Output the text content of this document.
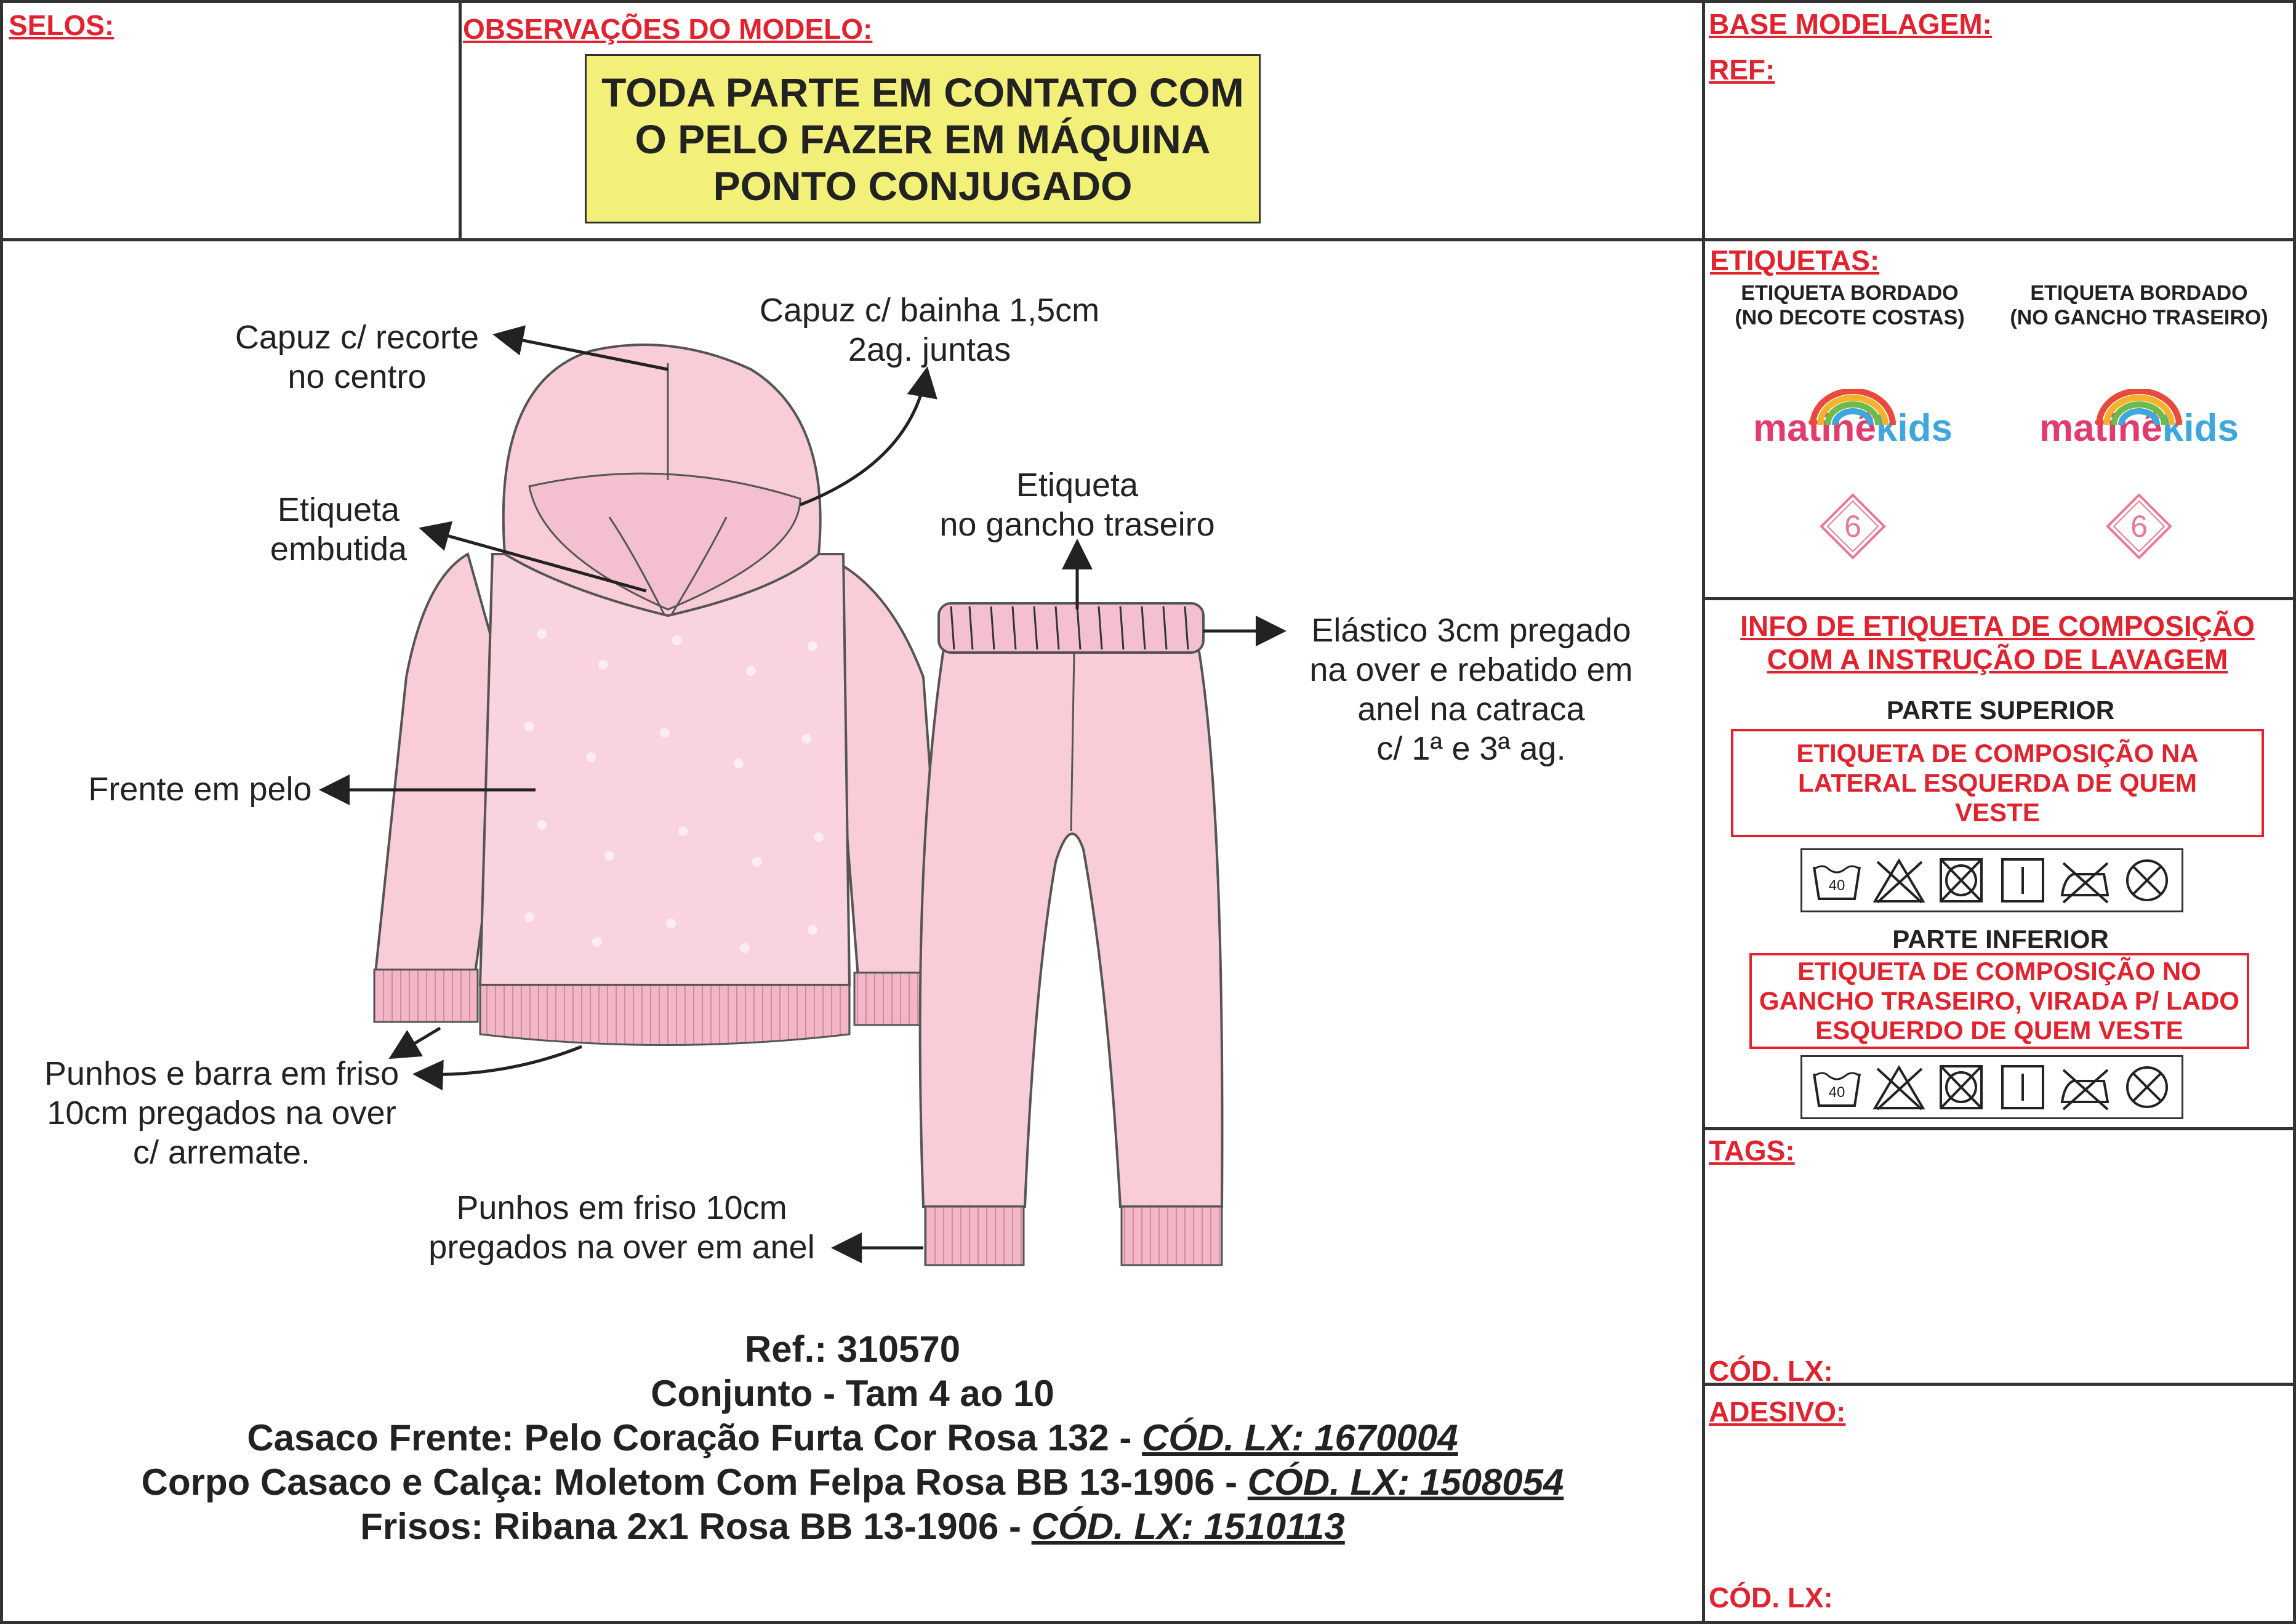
SELOS:	OBSERVAÇÕES DO MODELO:	BASE MODELAGEM:
REF:
ETIQUETAS:
INFO DE ETIQUETA DE COMPOSIÇÃO
COM A INSTRUÇÃO DE LAVAGEM
TAGS:
CÓD. LX:
ADESIVO:
CÓD. LX:
TODA PARTE EM CONTATO COM
O PELO FAZER EM MÁQUINA
PONTO CONJUGADO
ETIQUETA BORDADO
(NO DECOTE COSTAS)
ETIQUETA BORDADO
(NO GANCHO TRASEIRO)
matinêkids matinêkids
6	6
PARTE SUPERIOR
ETIQUETA DE COMPOSIÇÃO NA
LATERAL ESQUERDA DE QUEM
VESTE
40
PARTE INFERIOR
ETIQUETA DE COMPOSIÇÃO NO
GANCHO TRASEIRO, VIRADA P/ LADO
ESQUERDO DE QUEM VESTE
40
Capuz c/ recorte
no centro
Capuz c/ bainha 1,5cm
2ag. juntas
Etiqueta
embutida
Etiqueta
no gancho traseiro
Elástico 3cm pregado
na over e rebatido em
anel na catraca
c/ 1ª e 3ª ag.
Frente em pelo
Punhos e barra em friso
10cm pregados na over
c/ arremate.
Punhos em friso 10cm
pregados na over em anel
Ref.: 310570
Conjunto - Tam 4 ao 10
Casaco Frente: Pelo Coração Furta Cor Rosa 132 - CÓD. LX: 1670004
Corpo Casaco e Calça: Moletom Com Felpa Rosa BB 13-1906 - CÓD. LX: 1508054
Frisos: Ribana 2x1 Rosa BB 13-1906 - CÓD. LX: 1510113
